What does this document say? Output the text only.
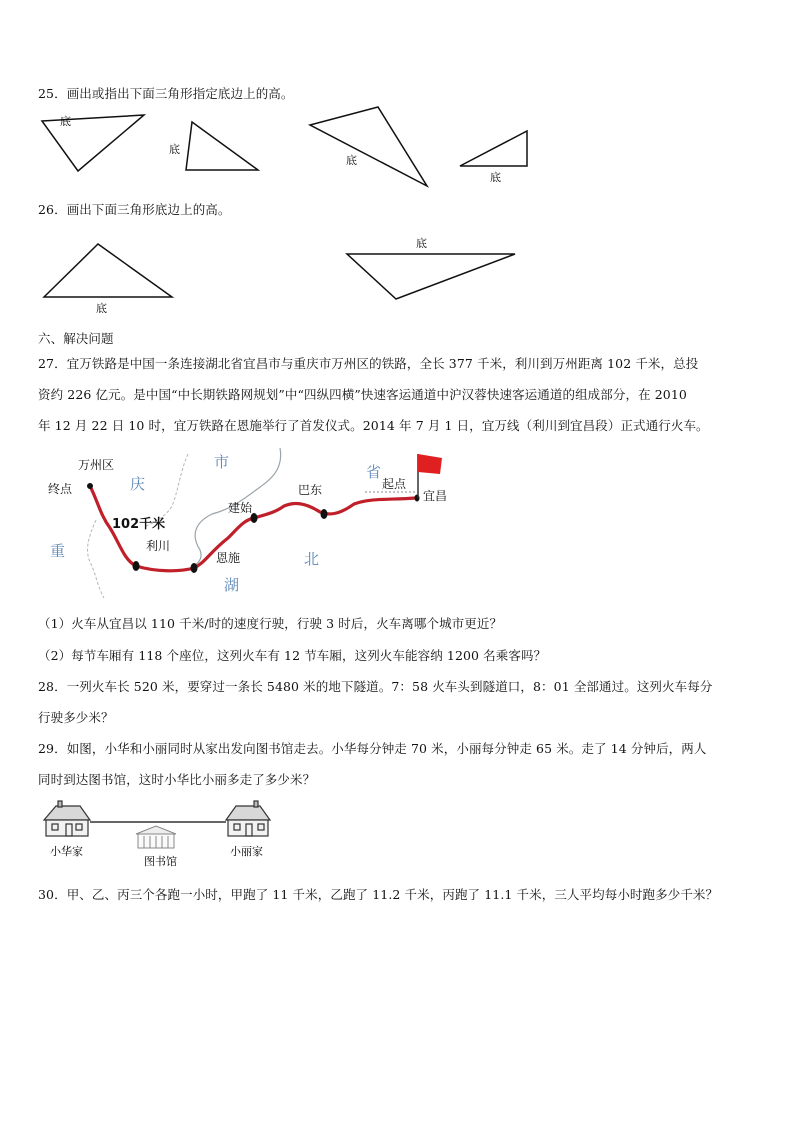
25．画出或指出下面三角形指定底边上的高。
底
底
底
底
26．画出下面三角形底边上的高。
底
底
六、解决问题
27．宜万铁路是中国一条连接湖北省宜昌市与重庆市万州区的铁路，全长 377 千米，利川到万州距离 102 千米，总投
资约 226 亿元。是中国“中长期铁路网规划”中“四纵四横”快速客运通道中沪汉蓉快速客运通道的组成部分，在 2010
年 12 月 22 日 10 时，宜万铁路在恩施举行了首发仪式。2014 年 7 月 1 日，宜万线（利川到宜昌段）正式通行火车。
万州区
终点	庆
市
省
起点
宜昌
巴东
建始
102千米
利川
恩施
湖
北
重
（1）火车从宜昌以 110 千米/时的速度行驶，行驶 3 时后，火车离哪个城市更近？
（2）每节车厢有 118 个座位，这列火车有 12 节车厢，这列火车能容纳 1200 名乘客吗？
28．一列火车长 520 米，要穿过一条长 5480 米的地下隧道。7：58 火车头到隧道口，8：01 全部通过。这列火车每分
行驶多少米？
29．如图，小华和小丽同时从家出发向图书馆走去。小华每分钟走 70 米，小丽每分钟走 65 米。走了 14 分钟后，两人
同时到达图书馆，这时小华比小丽多走了多少米？
小华家
图书馆
小丽家
30．甲、乙、丙三个各跑一小时，甲跑了 11 千米，乙跑了 11.2 千米，丙跑了 11.1 千米，三人平均每小时跑多少千米？
